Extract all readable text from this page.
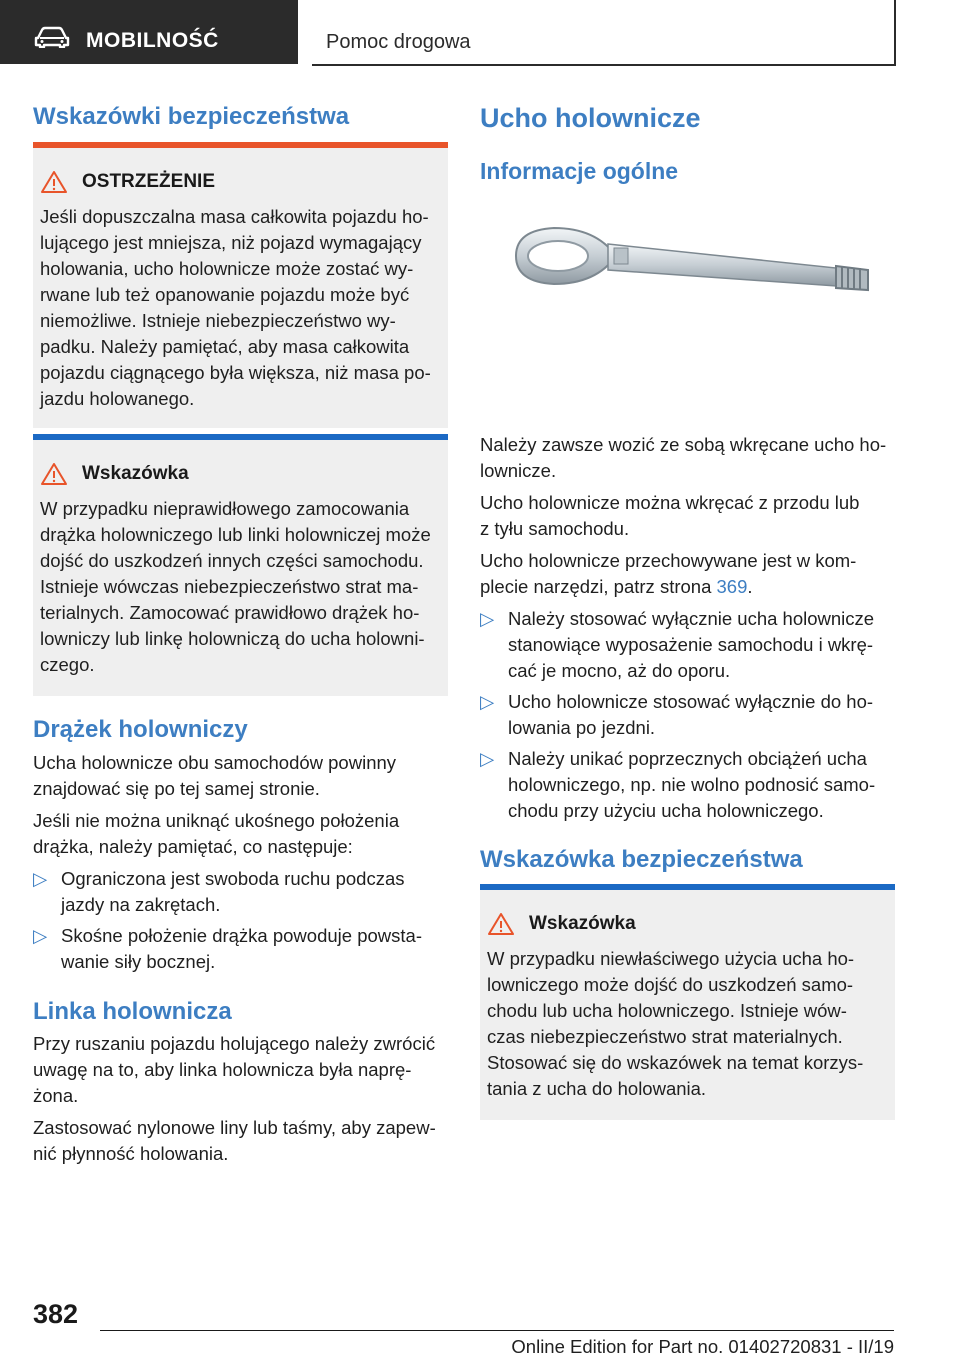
MOBILNOŚĆ	Pomoc drogowa
Wskazówki bezpieczeństwa
OSTRZEŻENIE
Jeśli dopuszczalna masa całkowita pojazdu ho‐
lującego jest mniejsza, niż pojazd wymagający
holowania, ucho holownicze może zostać wy‐
rwane lub też opanowanie pojazdu może być
niemożliwe. Istnieje niebezpieczeństwo wy‐
padku. Należy pamiętać, aby masa całkowita
pojazdu ciągnącego była większa, niż masa po‐
jazdu holowanego.
Wskazówka
W przypadku nieprawidłowego zamocowania
drążka holowniczego lub linki holowniczej może
dojść do uszkodzeń innych części samochodu.
Istnieje wówczas niebezpieczeństwo strat ma‐
terialnych. Zamocować prawidłowo drążek ho‐
lowniczy lub linkę holowniczą do ucha holowni‐
czego.
Drążek holowniczy
Ucha holownicze obu samochodów powinny
znajdować się po tej samej stronie.
Jeśli nie można uniknąć ukośnego położenia
drążka, należy pamiętać, co następuje:
▷ Ograniczona jest swoboda ruchu podczas
jazdy na zakrętach.
▷ Skośne położenie drążka powoduje powsta‐
wanie siły bocznej.
Linka holownicza
Przy ruszaniu pojazdu holującego należy zwrócić
uwagę na to, aby linka holownicza była naprę‐
żona.
Zastosować nylonowe liny lub taśmy, aby zapew‐
nić płynność holowania.
Ucho holownicze
Informacje ogólne
Należy zawsze wozić ze sobą wkręcane ucho ho‐
lownicze.
Ucho holownicze można wkręcać z przodu lub
z tyłu samochodu.
Ucho holownicze przechowywane jest w kom‐
plecie narzędzi, patrz strona 369.
▷ Należy stosować wyłącznie ucha holownicze
stanowiące wyposażenie samochodu i wkrę‐
cać je mocno, aż do oporu.
▷ Ucho holownicze stosować wyłącznie do ho‐
lowania po jezdni.
▷ Należy unikać poprzecznych obciążeń ucha
holowniczego, np. nie wolno podnosić samo‐
chodu przy użyciu ucha holowniczego.
Wskazówka bezpieczeństwa
Wskazówka
W przypadku niewłaściwego użycia ucha ho‐
lowniczego może dojść do uszkodzeń samo‐
chodu lub ucha holowniczego. Istnieje wów‐
czas niebezpieczeństwo strat materialnych.
Stosować się do wskazówek na temat korzys‐
tania z ucha do holowania.
382
Online Edition for Part no. 01402720831 - II/19
